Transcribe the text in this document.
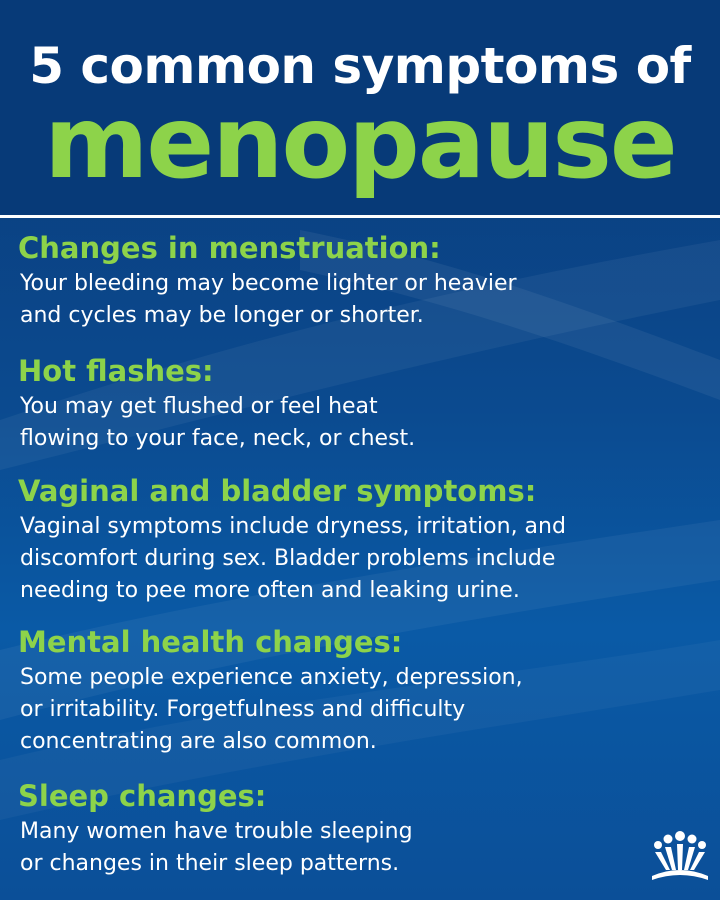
5 common symptoms of
menopause

Changes in menstruation:

Your bleeding may become lighter or heavier
and cycles may be longer or shorter.

Hot flashes:

You may get flushed or feel heat
flowing to your face, neck, or chest.

Vaginal and bladder symptoms:

Vaginal symptoms include dryness, irritation, and
discomfort during sex. Bladder problems include
needing to pee more often and leaking urine.

Mental health changes:

Some people experience anxiety, depression,
or irritability. Forgetfulness and difficulty
concentrating are also common.

Sleep changes:

Many women have trouble sleeping
or changes in their sleep patterns.
